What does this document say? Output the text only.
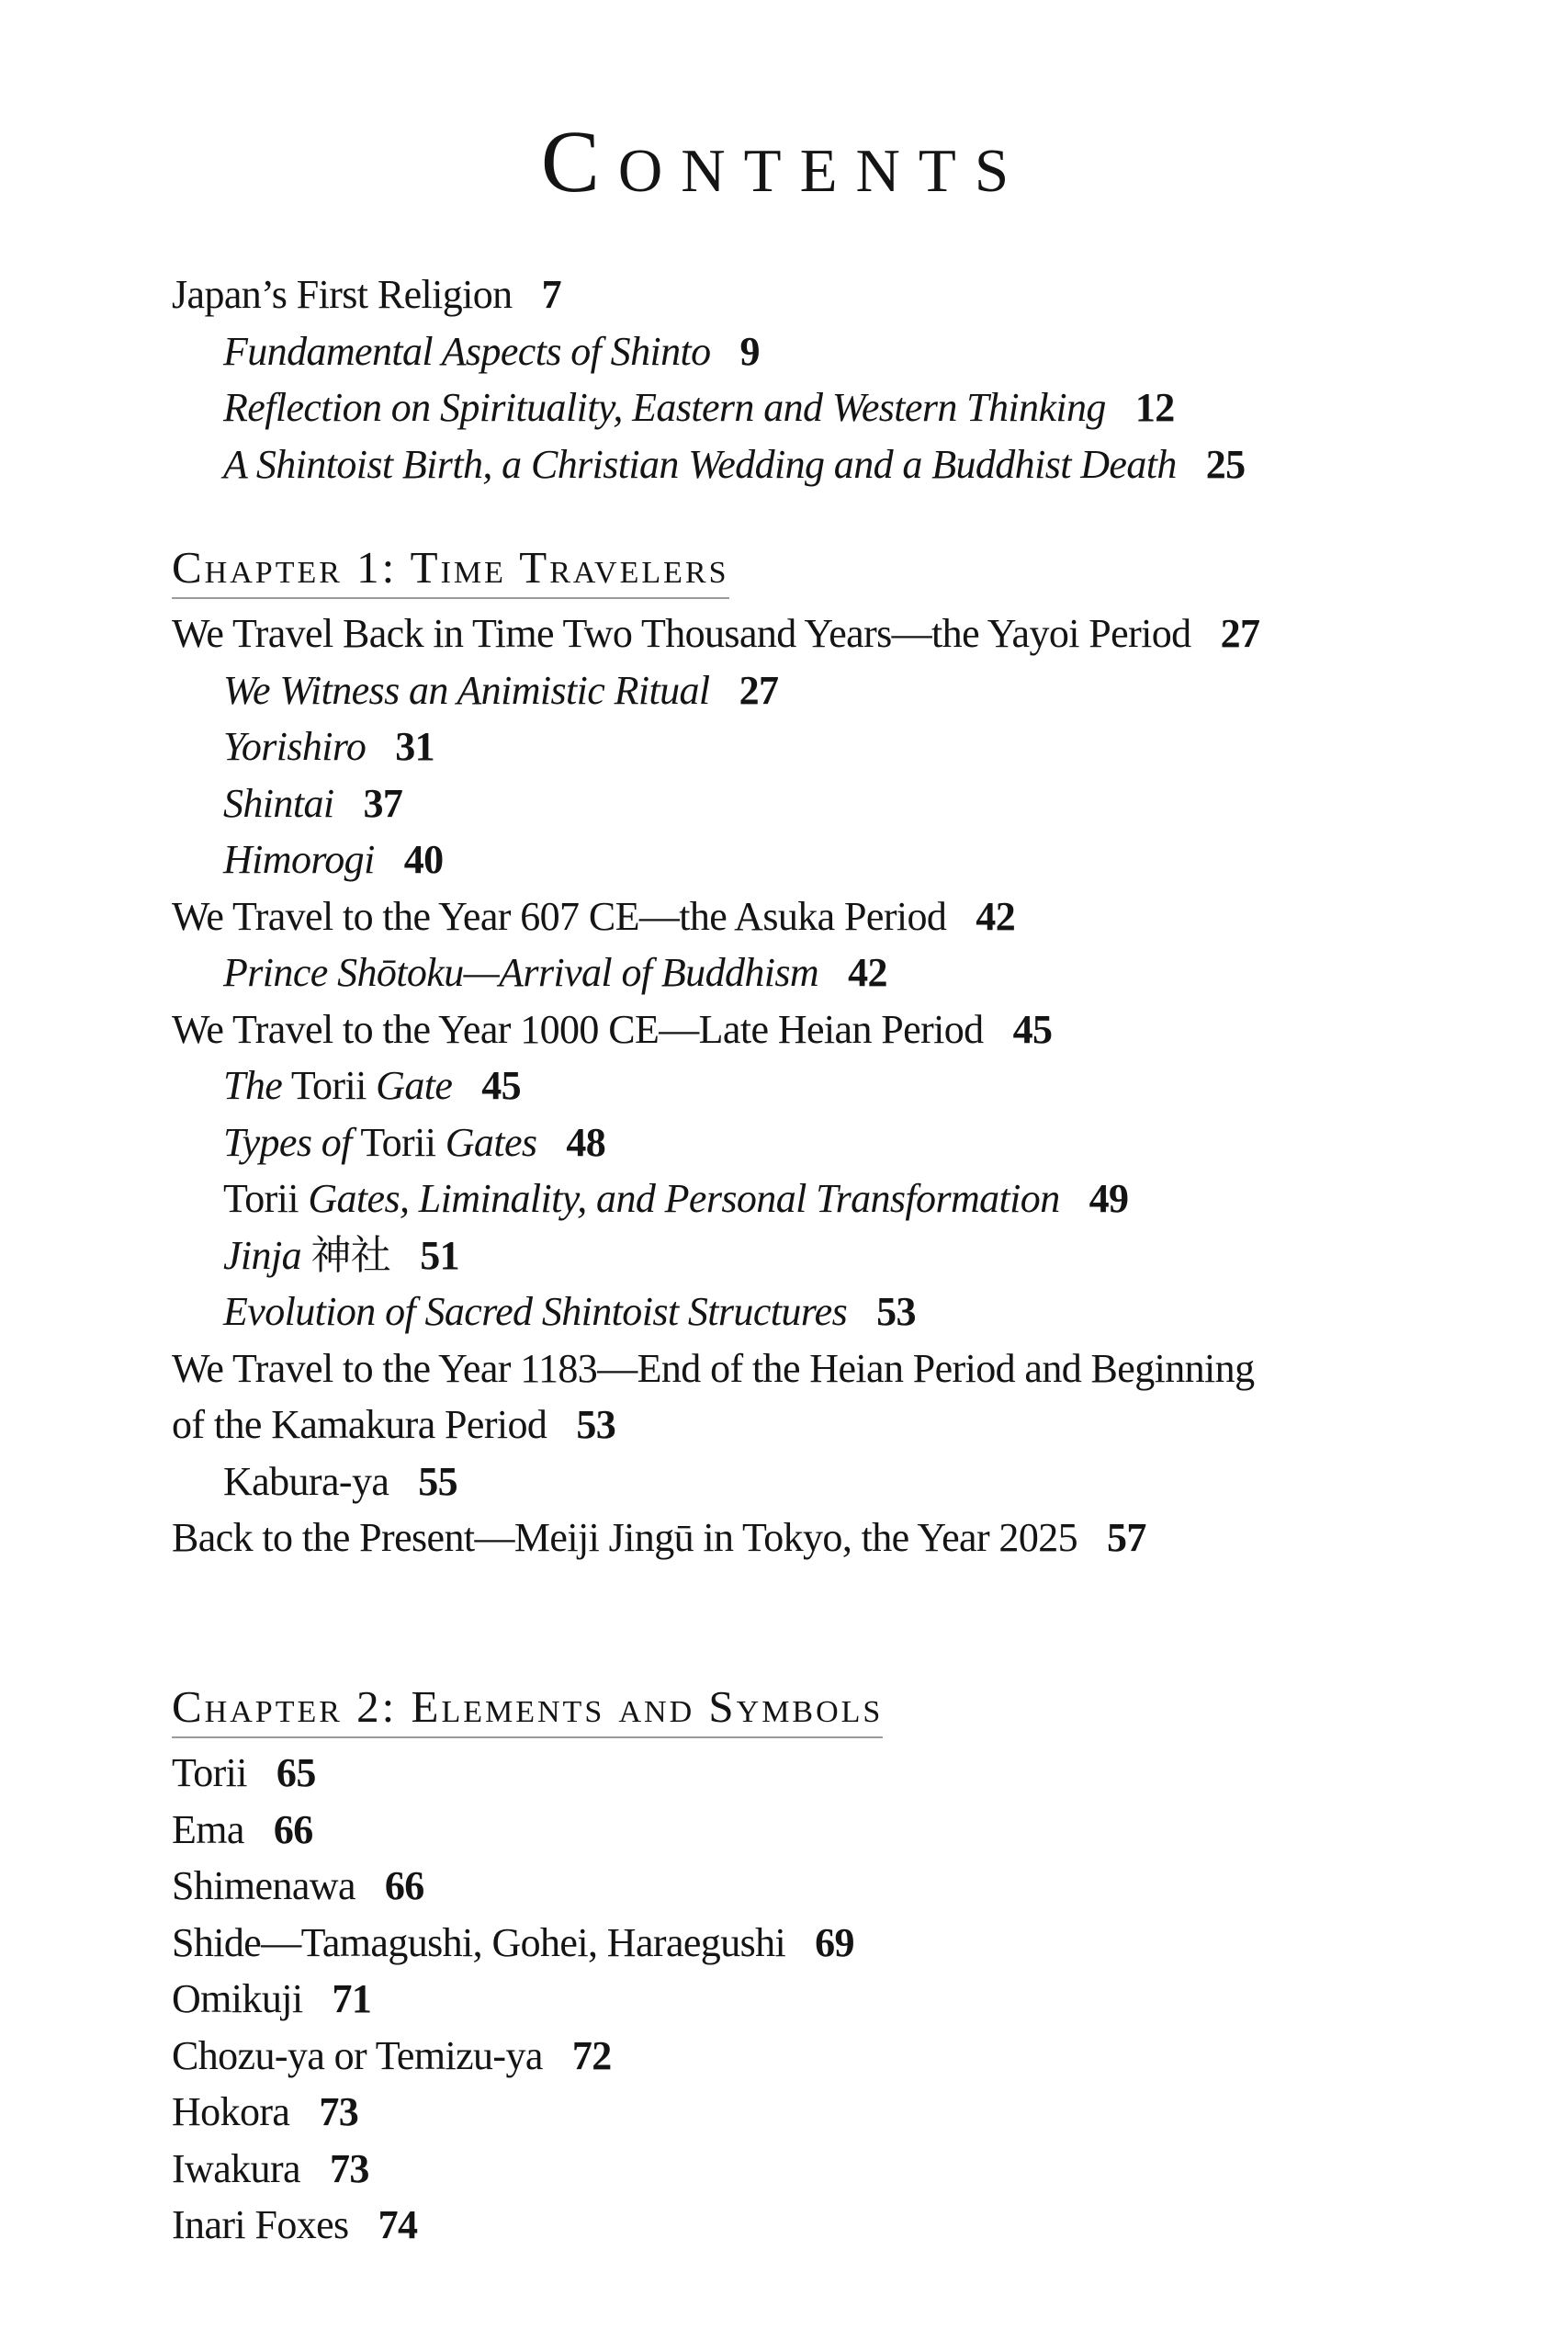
Contents
Japan’s First Religion 7
Fundamental Aspects of Shinto 9
Reflection on Spirituality, Eastern and Western Thinking 12
A Shintoist Birth, a Christian Wedding and a Buddhist Death 25
Chapter 1: Time Travelers
We Travel Back in Time Two Thousand Years—the Yayoi Period 27
We Witness an Animistic Ritual 27
Yorishiro 31
Shintai 37
Himorogi 40
We Travel to the Year 607 CE—the Asuka Period 42
Prince Shōtoku—Arrival of Buddhism 42
We Travel to the Year 1000 CE—Late Heian Period 45
The Torii Gate 45
Types of Torii Gates 48
Torii Gates, Liminality, and Personal Transformation 49
Jinja 神社 51
Evolution of Sacred Shintoist Structures 53
We Travel to the Year 1183—End of the Heian Period and Beginning of the Kamakura Period 53
Kabura-ya 55
Back to the Present—Meiji Jingū in Tokyo, the Year 2025 57
Chapter 2: Elements and Symbols
Torii 65
Ema 66
Shimenawa 66
Shide—Tamagushi, Gohei, Haraegushi 69
Omikuji 71
Chozu-ya or Temizu-ya 72
Hokora 73
Iwakura 73
Inari Foxes 74
